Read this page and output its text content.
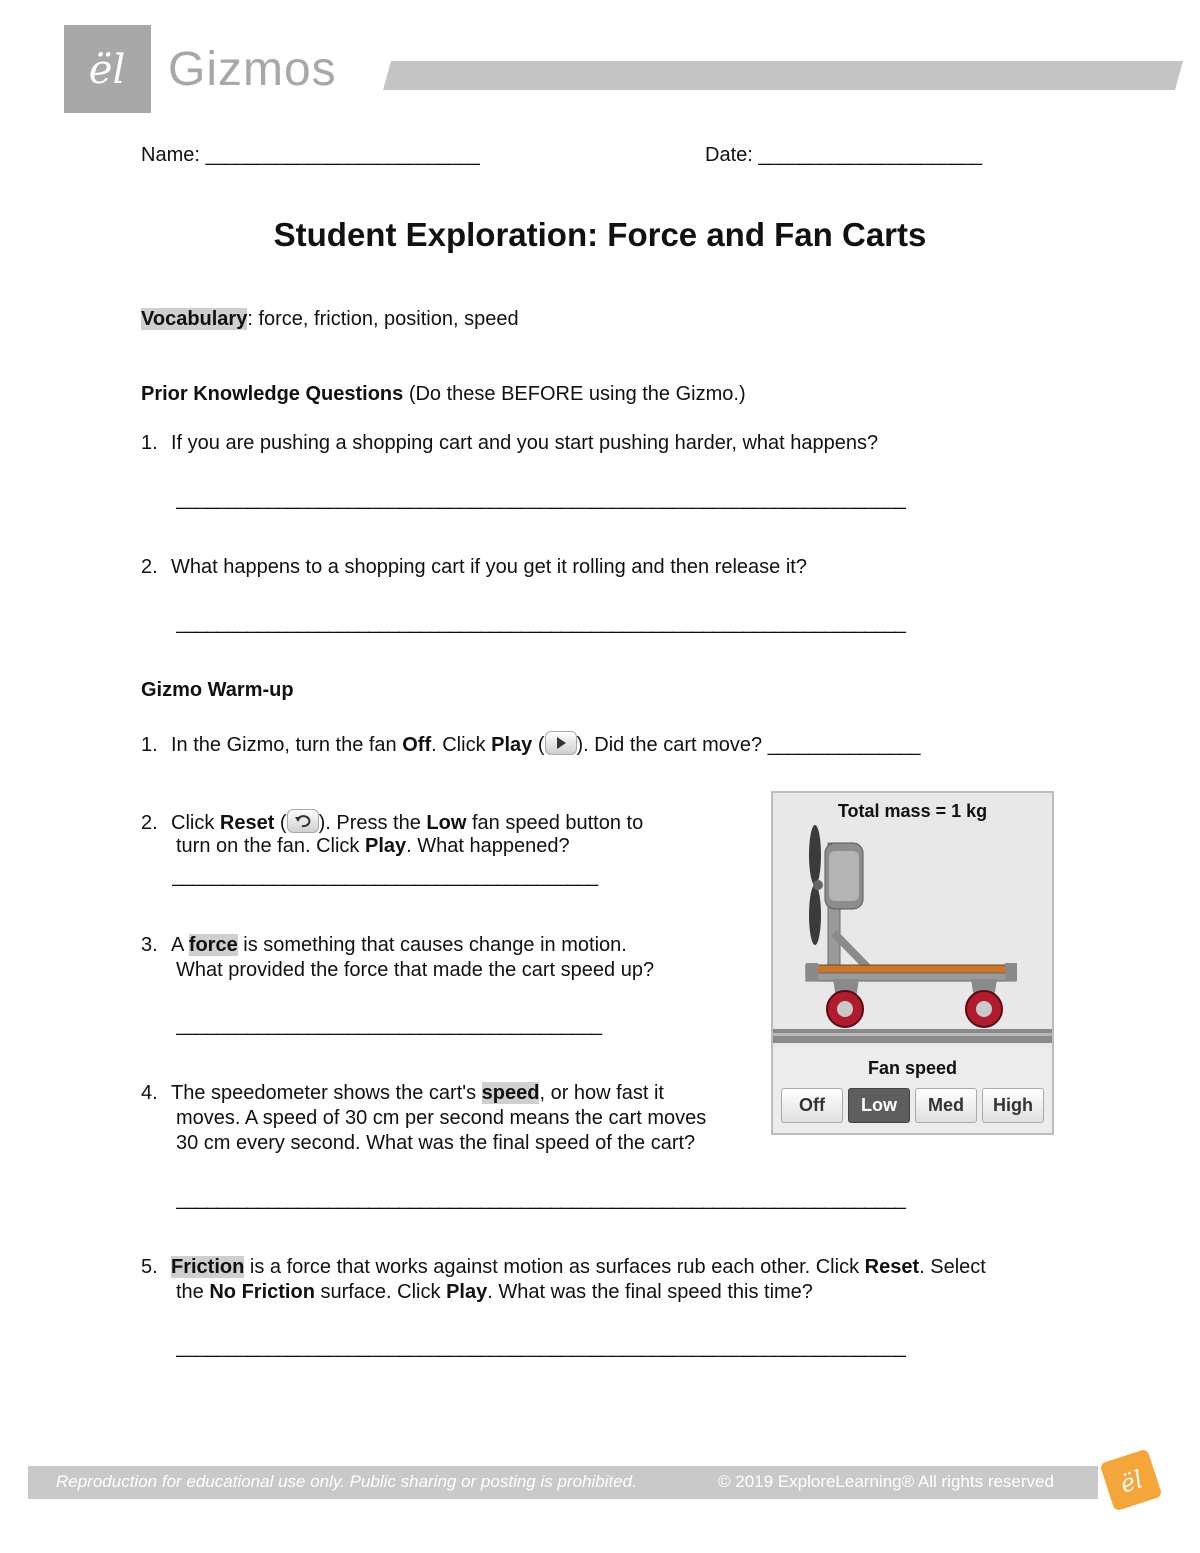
ël Gizmos
Name: ___________________________	Date: ______________________
Student Exploration: Force and Fan Carts
Vocabulary: force, friction, position, speed
Prior Knowledge Questions (Do these BEFORE using the Gizmo.)
1. If you are pushing a shopping cart and you start pushing harder, what happens?
________________________________________________________________________
2. What happens to a shopping cart if you get it rolling and then release it?
________________________________________________________________________
Gizmo Warm-up
1. In the Gizmo, turn the fan Off. Click Play ( ). Did the cart move? _______________
2. Click Reset ( ). Press the Low fan speed button to
turn on the fan. Click Play. What happened?
__________________________________________
3. A force is something that causes change in motion.
What provided the force that made the cart speed up?
__________________________________________
4. The speedometer shows the cart's speed, or how fast it
moves. A speed of 30 cm per second means the cart moves
30 cm every second. What was the final speed of the cart?
________________________________________________________________________
5. Friction is a force that works against motion as surfaces rub each other. Click Reset. Select
the No Friction surface. Click Play. What was the final speed this time?
________________________________________________________________________
Total mass = 1 kg
Fan speed
Off	Low	Med	High
Reproduction for educational use only. Public sharing or posting is prohibited.	© 2019 ExploreLearning® All rights reserved	ël
